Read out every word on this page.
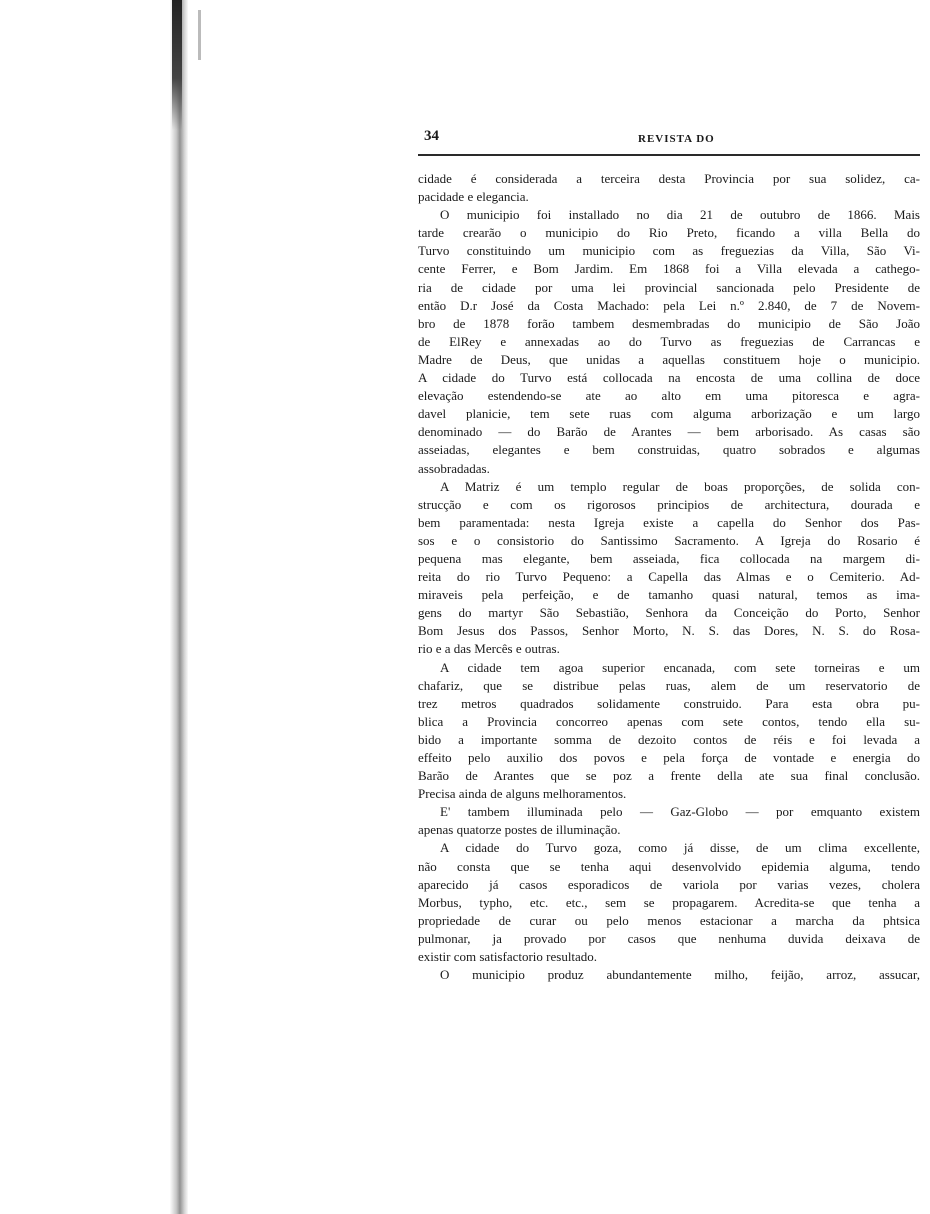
34	REVISTA DO
cidade é considerada a terceira desta Provincia por sua solidez, ca-
pacidade e elegancia.
O municipio foi installado no dia 21 de outubro de 1866. Mais
tarde crearão o municipio do Rio Preto, ficando a villa Bella do
Turvo constituindo um municipio com as freguezias da Villa, São Vi-
cente Ferrer, e Bom Jardim. Em 1868 foi a Villa elevada a cathego-
ria de cidade por uma lei provincial sancionada pelo Presidente de
então D.r José da Costa Machado: pela Lei n.º 2.840, de 7 de Novem-
bro de 1878 forão tambem desmembradas do municipio de São João
de ElRey e annexadas ao do Turvo as freguezias de Carrancas e
Madre de Deus, que unidas a aquellas constituem hoje o municipio.
A cidade do Turvo está collocada na encosta de uma collina de doce
elevação estendendo-se ate ao alto em uma pitoresca e agra-
davel planicie, tem sete ruas com alguma arborização e um largo
denominado — do Barão de Arantes — bem arborisado. As casas são
asseiadas, elegantes e bem construidas, quatro sobrados e algumas
assobradadas.
A Matriz é um templo regular de boas proporções, de solida con-
strucção e com os rigorosos principios de architectura, dourada e
bem paramentada: nesta Igreja existe a capella do Senhor dos Pas-
sos e o consistorio do Santissimo Sacramento. A Igreja do Rosario é
pequena mas elegante, bem asseiada, fica collocada na margem di-
reita do rio Turvo Pequeno: a Capella das Almas e o Cemiterio. Ad-
miraveis pela perfeição, e de tamanho quasi natural, temos as ima-
gens do martyr São Sebastião, Senhora da Conceição do Porto, Senhor
Bom Jesus dos Passos, Senhor Morto, N. S. das Dores, N. S. do Rosa-
rio e a das Mercês e outras.
A cidade tem agoa superior encanada, com sete torneiras e um
chafariz, que se distribue pelas ruas, alem de um reservatorio de
trez metros quadrados solidamente construido. Para esta obra pu-
blica a Provincia concorreo apenas com sete contos, tendo ella su-
bido a importante somma de dezoito contos de réis e foi levada a
effeito pelo auxilio dos povos e pela força de vontade e energia do
Barão de Arantes que se poz a frente della ate sua final conclusão.
Precisa ainda de alguns melhoramentos.
E' tambem illuminada pelo — Gaz-Globo — por emquanto existem
apenas quatorze postes de illuminação.
A cidade do Turvo goza, como já disse, de um clima excellente,
não consta que se tenha aqui desenvolvido epidemia alguma, tendo
aparecido já casos esporadicos de variola por varias vezes, cholera
Morbus, typho, etc. etc., sem se propagarem. Acredita-se que tenha a
propriedade de curar ou pelo menos estacionar a marcha da phtsica
pulmonar, ja provado por casos que nenhuma duvida deixava de
existir com satisfactorio resultado.
O municipio produz abundantemente milho, feijão, arroz, assucar,
